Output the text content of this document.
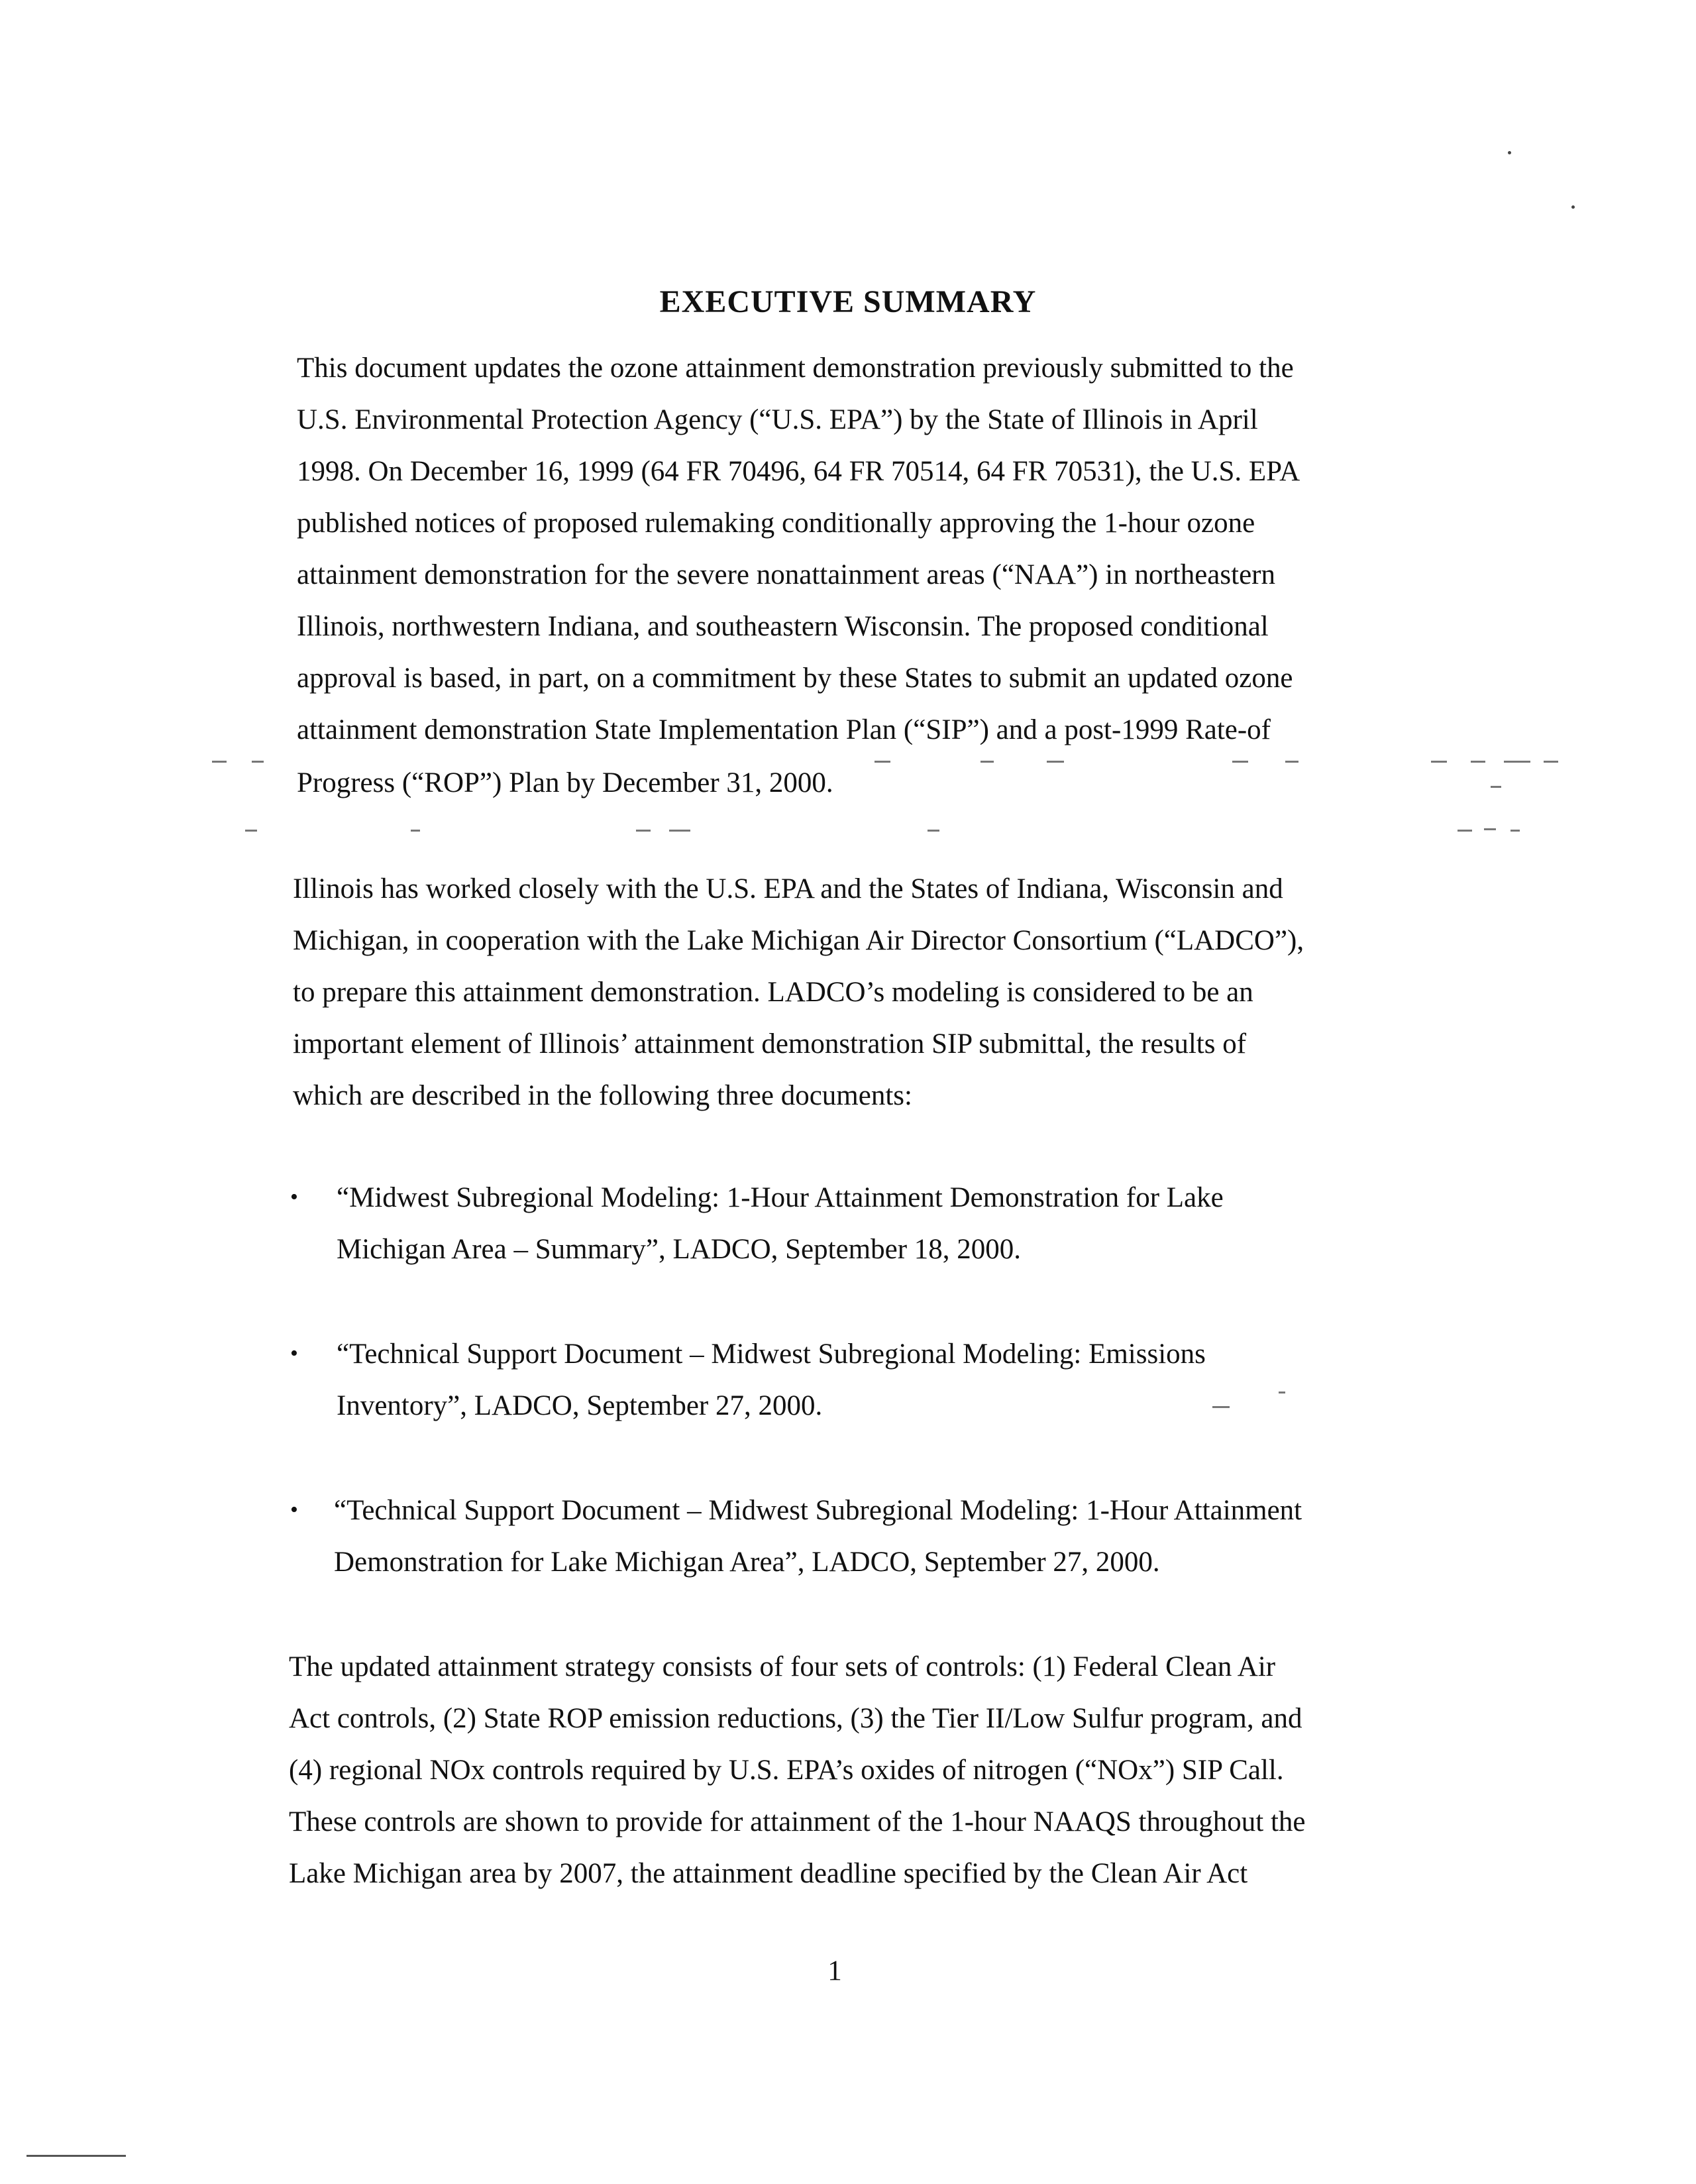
EXECUTIVE SUMMARY
This document updates the ozone attainment demonstration previously submitted to the
U.S. Environmental Protection Agency (“U.S. EPA”) by the State of Illinois in April
1998. On December 16, 1999 (64 FR 70496, 64 FR 70514, 64 FR 70531), the U.S. EPA
published notices of proposed rulemaking conditionally approving the 1-hour ozone
attainment demonstration for the severe nonattainment areas (“NAA”) in northeastern
Illinois, northwestern Indiana, and southeastern Wisconsin. The proposed conditional
approval is based, in part, on a commitment by these States to submit an updated ozone
attainment demonstration State Implementation Plan (“SIP”) and a post-1999 Rate-of
Progress (“ROP”) Plan by December 31, 2000.
Illinois has worked closely with the U.S. EPA and the States of Indiana, Wisconsin and
Michigan, in cooperation with the Lake Michigan Air Director Consortium (“LADCO”),
to prepare this attainment demonstration. LADCO’s modeling is considered to be an
important element of Illinois’ attainment demonstration SIP submittal, the results of
which are described in the following three documents:
• “Midwest Subregional Modeling: 1-Hour Attainment Demonstration for Lake
Michigan Area – Summary”, LADCO, September 18, 2000.
• “Technical Support Document – Midwest Subregional Modeling: Emissions
Inventory”, LADCO, September 27, 2000.
• “Technical Support Document – Midwest Subregional Modeling: 1-Hour Attainment
Demonstration for Lake Michigan Area”, LADCO, September 27, 2000.
The updated attainment strategy consists of four sets of controls: (1) Federal Clean Air
Act controls, (2) State ROP emission reductions, (3) the Tier II/Low Sulfur program, and
(4) regional NOx controls required by U.S. EPA’s oxides of nitrogen (“NOx”) SIP Call.
These controls are shown to provide for attainment of the 1-hour NAAQS throughout the
Lake Michigan area by 2007, the attainment deadline specified by the Clean Air Act
1
